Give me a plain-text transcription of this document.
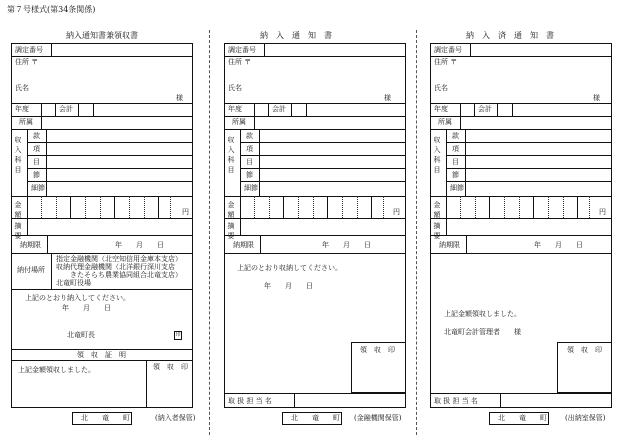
第７号様式(第34条関係)
納入通知書兼領収書
調定番号
住所 〒
氏名
様
年度	会計
所属
収入科目
款
項
目
節
細節
金額	円
摘要
納期限	年　　月　　日
納付場所
指定金融機関（北空知信用金庫本支店）
収納代理金融機関（北洋銀行深川支店
　　きたそらち農業協同組合北竜支店）
北竜町役場
上記のとおり納入してください。
年　　月　　日
北竜町長	印
領　収　証　明
上記金額領収しました。	領　収　印
北　　竜　　町	(納入者保管)
納　入　通　知　書
調定番号
住所 〒
氏名
様
年度	会計
所属
収入科目
款
項
目
節
細節
金額	円
摘要
納期限	年　　月　　日
上記のとおり収納してください。
年　　月　　日
領　収　印
取 扱 担 当 名
北　　竜　　町 (金融機関保管)
納　入　済　通　知　書
調定番号
住所 〒
氏名
様
年度	会計
所属
収入科目
款
項
目
節
細節
金額	円
摘要
納期限	年　　月　　日
上記金額領収しました。
北竜町会計管理者　　様
領　収　印
取 扱 担 当 名
北　　竜　　町	(出納室保管)
